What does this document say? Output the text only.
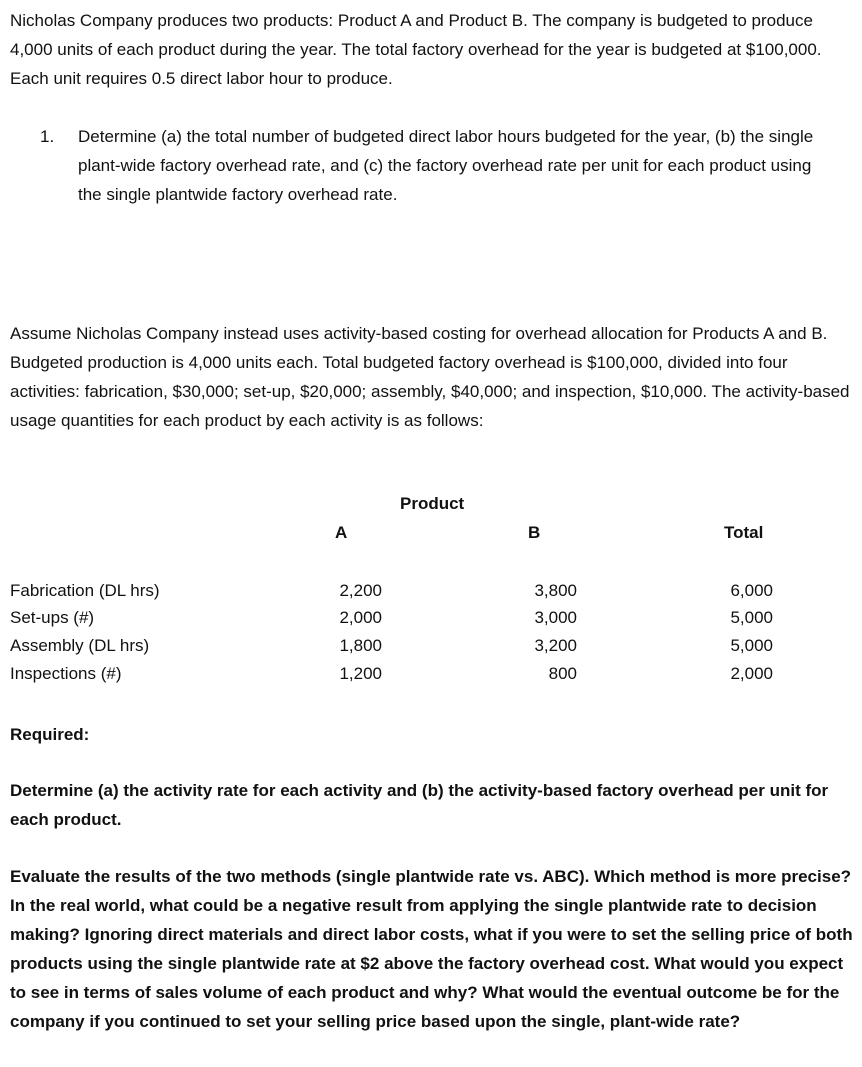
Nicholas Company produces two products: Product A and Product B. The company is budgeted to produce 4,000 units of each product during the year. The total factory overhead for the year is budgeted at $100,000. Each unit requires 0.5 direct labor hour to produce.

1.	Determine (a) the total number of budgeted direct labor hours budgeted for the year, (b) the single plant-wide factory overhead rate, and (c) the factory overhead rate per unit for each product using the single plantwide factory overhead rate.

Assume Nicholas Company instead uses activity-based costing for overhead allocation for Products A and B. Budgeted production is 4,000 units each. Total budgeted factory overhead is $100,000, divided into four activities: fabrication, $30,000; set-up, $20,000; assembly, $40,000; and inspection, $10,000. The activity-based usage quantities for each product by each activity is as follows:

Product
A	B	Total
Fabrication (DL hrs)	2,200	3,800	6,000
Set-ups (#)	2,000	3,000	5,000
Assembly (DL hrs)	1,800	3,200	5,000
Inspections (#)	1,200	800	2,000

Required:

Determine (a) the activity rate for each activity and (b) the activity-based factory overhead per unit for each product.

Evaluate the results of the two methods (single plantwide rate vs. ABC). Which method is more precise? In the real world, what could be a negative result from applying the single plantwide rate to decision making? Ignoring direct materials and direct labor costs, what if you were to set the selling price of both products using the single plantwide rate at $2 above the factory overhead cost. What would you expect to see in terms of sales volume of each product and why? What would the eventual outcome be for the company if you continued to set your selling price based upon the single, plant-wide rate?
